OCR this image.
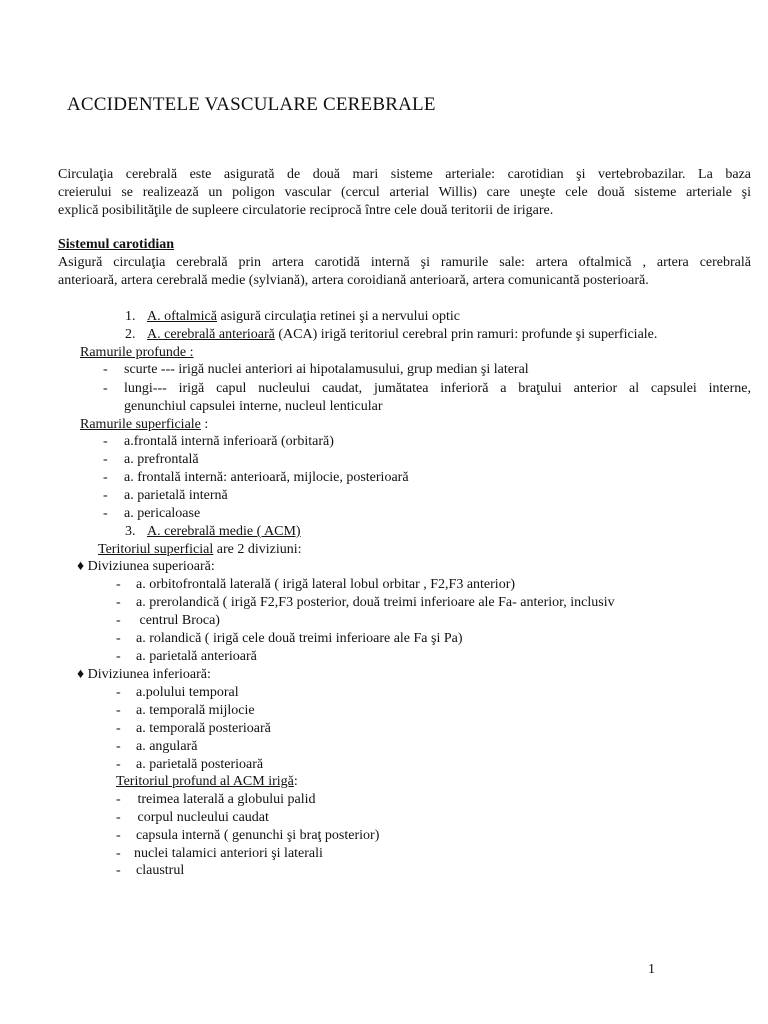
ACCIDENTELE VASCULARE CEREBRALE
Circulaţia cerebrală este asigurată de două mari sisteme arteriale: carotidian şi vertebrobazilar. La baza
creierului se realizează un poligon vascular (cercul arterial Willis) care uneşte cele două sisteme arteriale şi
explică posibilităţile de supleere circulatorie reciprocă între cele două teritorii de irigare.
Sistemul carotidian
Asigură circulaţia cerebrală prin artera carotidă internă şi ramurile sale: artera oftalmică , artera cerebrală
anterioară, artera cerebrală medie (sylviană), artera coroidiană anterioară, artera comunicantă posterioară.
1. A. oftalmică asigură circulaţia retinei şi a nervului optic
2. A. cerebrală anterioară (ACA) irigă teritoriul cerebral prin ramuri: profunde şi superficiale.
Ramurile profunde :
- scurte --- irigă nuclei anteriori ai hipotalamusului, grup median şi lateral
- lungi--- irigă capul nucleului caudat, jumătatea inferioră a braţului anterior al capsulei interne,
genunchiul capsulei interne, nucleul lenticular
Ramurile superficiale :
- a.frontală internă inferioară (orbitară)
- a. prefrontală
- a. frontală internă: anterioară, mijlocie, posterioară
- a. parietală internă
- a. pericaloase
3. A. cerebrală medie ( ACM)
Teritoriul superficial are 2 diviziuni:
♦ Diviziunea superioară:
- a. orbitofrontală laterală ( irigă lateral lobul orbitar , F2,F3 anterior)
- a. prerolandică ( irigă F2,F3 posterior, două treimi inferioare ale Fa- anterior, inclusiv
- centrul Broca)
- a. rolandică ( irigă cele două treimi inferioare ale Fa şi Pa)
- a. parietală anterioară
♦ Diviziunea inferioară:
- a.polului temporal
- a. temporală mijlocie
- a. temporală posterioară
- a. angulară
- a. parietală posterioară
Teritoriul profund al ACM irigă:
- treimea laterală a globului palid
- corpul nucleului caudat
- capsula internă ( genunchi şi braţ posterior)
- nuclei talamici anteriori şi laterali
- claustrul
1
